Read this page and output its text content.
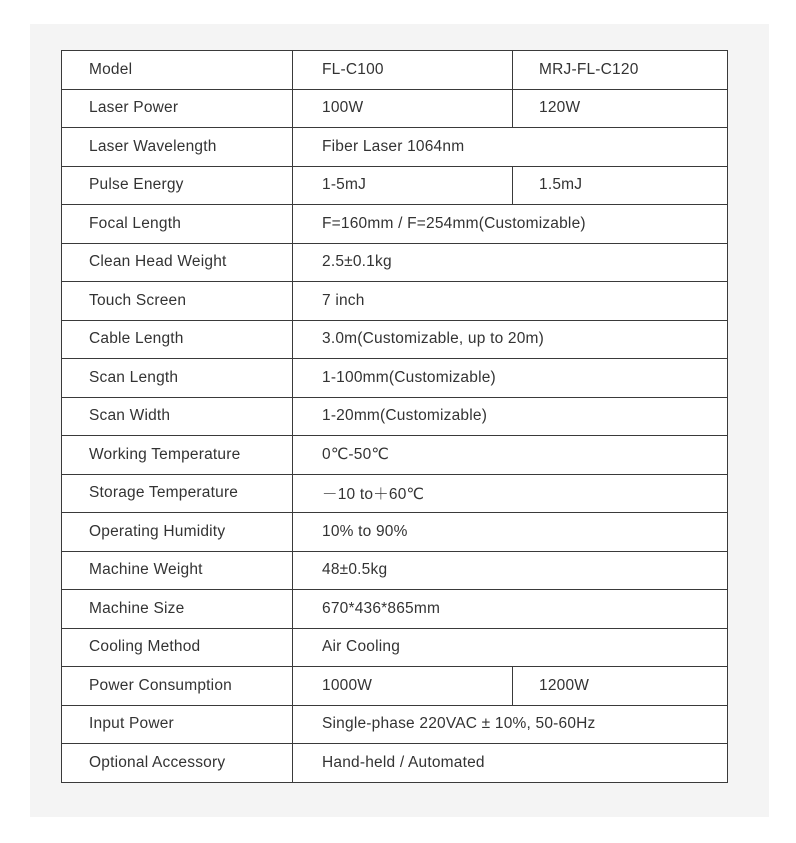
Model	FL-C100	MRJ-FL-C120
Laser Power	100W	120W
Laser Wavelength	Fiber Laser 1064nm	
Pulse Energy	1-5mJ	1.5mJ
Focal Length	F=160mm / F=254mm(Customizable)	
Clean Head Weight	2.5±0.1kg	
Touch Screen	7 inch	
Cable Length	3.0m(Customizable, up to 20m)	
Scan Length	1-100mm(Customizable)	
Scan Width	1-20mm(Customizable)	
Working Temperature	0℃-50℃	
Storage Temperature	－10 to＋60℃	
Operating Humidity	10% to 90%	
Machine Weight	48±0.5kg	
Machine Size	670*436*865mm	
Cooling Method	Air Cooling	
Power Consumption	1000W	1200W
Input Power	Single-phase 220VAC ± 10%, 50-60Hz	
Optional Accessory	Hand-held / Automated	
